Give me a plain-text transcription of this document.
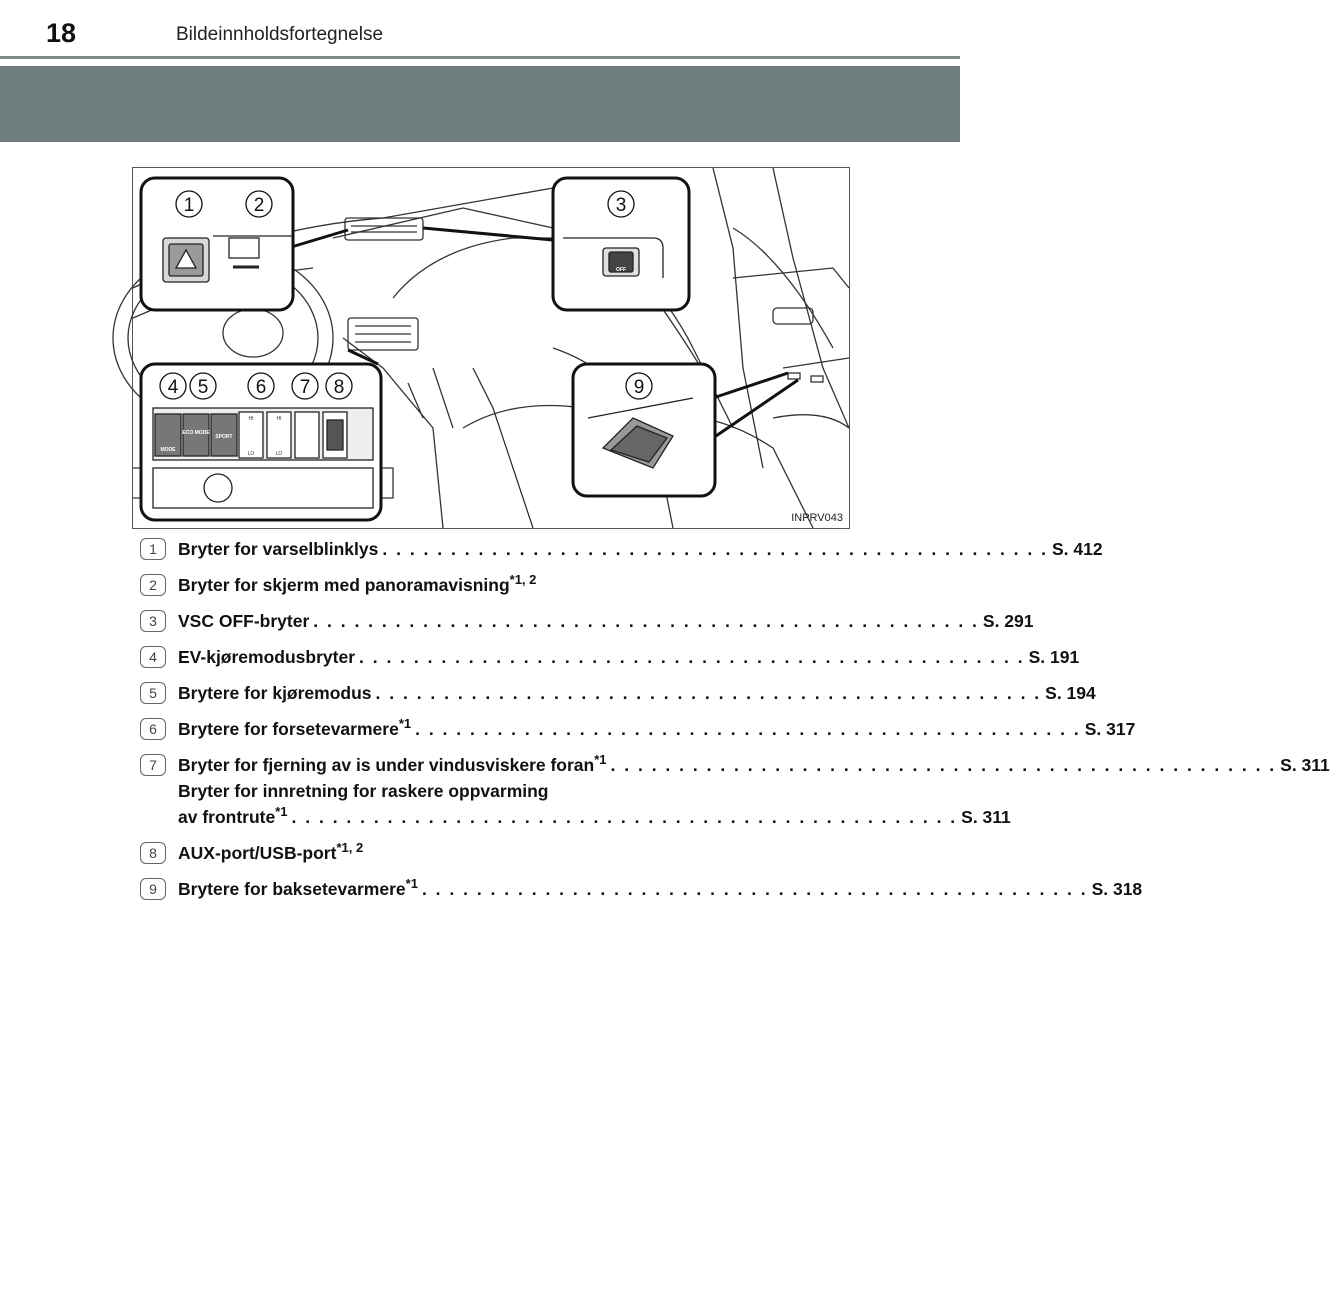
18	Bildeinnholdsfortegnelse
1	2	3
4 5 6 7 8	9
MODE
ECO MODE
SPORT
OFF
HI
LO
HI
LO
INPRV043
1	Bryter for varselblinklys . . . . . . . . . . . . . . . . . . . . . . . . . . . . . . . . . . . . . . . . . . . . . . . . . S. 412
2	Bryter for skjerm med panoramavisning$^{*1, 2}$
3	VSC OFF-bryter . . . . . . . . . . . . . . . . . . . . . . . . . . . . . . . . . . . . . . . . . . . . . . . . . S. 291
4	EV-kjøremodusbryter . . . . . . . . . . . . . . . . . . . . . . . . . . . . . . . . . . . . . . . . . . . . . . . . . S. 191
5	Brytere for kjøremodus . . . . . . . . . . . . . . . . . . . . . . . . . . . . . . . . . . . . . . . . . . . . . . . . . S. 194
6	Brytere for forsetevarmere$^{*1}$ . . . . . . . . . . . . . . . . . . . . . . . . . . . . . . . . . . . . . . . . . . . . . . . . . S. 317
7	Bryter for fjerning av is under vindusviskere foran$^{*1}$ . . . . . . . . . . . . . . . . . . . . . . . . . . . . . . . . . . . . . . . . . . . . . . . . . S. 311
Bryter for innretning for raskere oppvarming
av frontrute$^{*1}$ . . . . . . . . . . . . . . . . . . . . . . . . . . . . . . . . . . . . . . . . . . . . . . . . . S. 311
8	AUX-port/USB-port$^{*1, 2}$
9	Brytere for baksetevarmere$^{*1}$ . . . . . . . . . . . . . . . . . . . . . . . . . . . . . . . . . . . . . . . . . . . . . . . . . S. 318
